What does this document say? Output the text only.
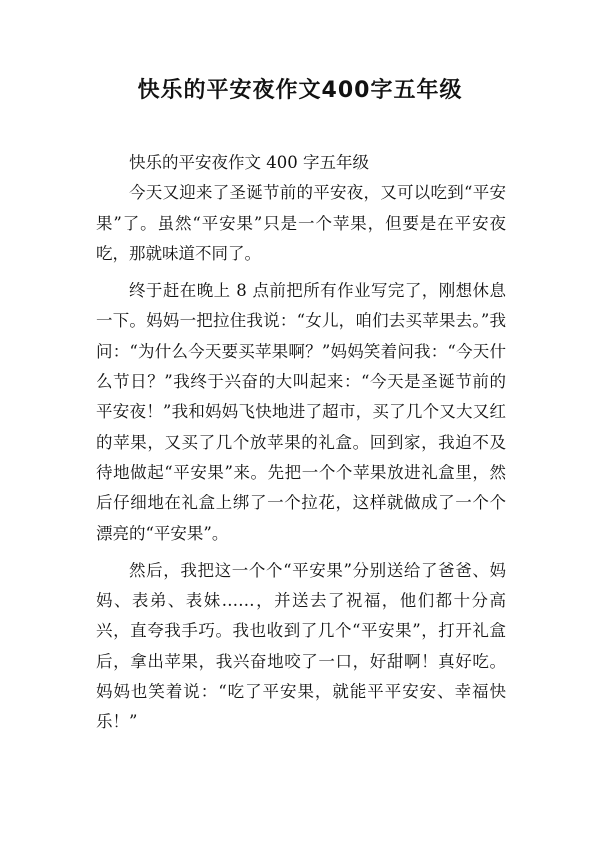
快乐的平安夜作文400字五年级

快乐的平安夜作文 400 字五年级

今天又迎来了圣诞节前的平安夜，又可以吃到“平安果”了。虽然“平安果”只是一个苹果，但要是在平安夜吃，那就味道不同了。

终于赶在晚上 8 点前把所有作业写完了，刚想休息一下。妈妈一把拉住我说：“女儿，咱们去买苹果去。”我问：“为什么今天要买苹果啊？”妈妈笑着问我：“今天什么节日？”我终于兴奋的大叫起来：“今天是圣诞节前的平安夜！”我和妈妈飞快地进了超市，买了几个又大又红的苹果，又买了几个放苹果的礼盒。回到家，我迫不及待地做起“平安果”来。先把一个个苹果放进礼盒里，然后仔细地在礼盒上绑了一个拉花，这样就做成了一个个漂亮的“平安果”。

然后，我把这一个个“平安果”分别送给了爸爸、妈妈、表弟、表妹……，并送去了祝福，他们都十分高兴，直夸我手巧。我也收到了几个“平安果”，打开礼盒后，拿出苹果，我兴奋地咬了一口，好甜啊！真好吃。妈妈也笑着说：“吃了平安果，就能平平安安、幸福快乐！”
